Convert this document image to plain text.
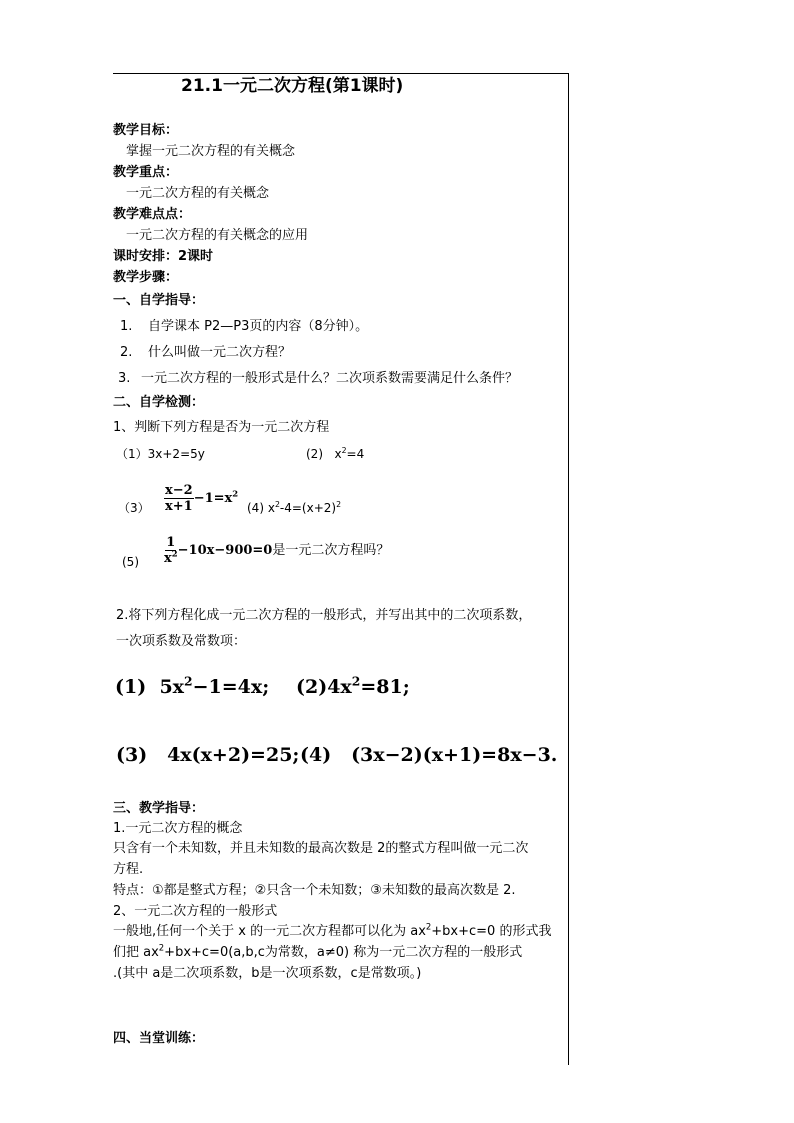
21.1一元二次方程(第1课时)
教学目标：
掌握一元二次方程的有关概念
教学重点：
一元二次方程的有关概念
教学难点点：
一元二次方程的有关概念的应用
课时安排：2课时
教学步骤：
一、自学指导：
1. 自学课本 P2—P3页的内容（8分钟）。
2. 什么叫做一元二次方程？
3. 一元二次方程的一般形式是什么？二次项系数需要满足什么条件？
二、自学检测：
1、判断下列方程是否为一元二次方程
（1）3x+2=5y	(2) $x^2=4$
$(3) \frac{x-2}{x+1} -1=x^2$
(4) $x^2-4=(x+2)^2$
$(5) \frac{1}{x^2} -10x-900=0$是一元二次方程吗？
2.将下列方程化成一元二次方程的一般形式，并写出其中的二次项系数，
一次项系数及常数项：
(1) $5x^2-1=4x$; $(2)4x^2=81$;
(3) 4x(x+2)=25; (4) (3x−2)(x+1)=8x−3.
三、教学指导：
1.一元二次方程的概念
只含有一个未知数，并且未知数的最高次数是 2的整式方程叫做一元二次
方程.
特点：①都是整式方程；②只含一个未知数；③未知数的最高次数是 2.
2、一元二次方程的一般形式
一般地,任何一个关于 x 的一元二次方程都可以化为 $ax^2+bx+c=0$ 的形式我
们把 $ax^2+bx+c=0(a,b,c$为常数，a≠0) 称为一元二次方程的一般形式
.(其中 a是二次项系数，b是一次项系数，c是常数项。)
四、当堂训练：
